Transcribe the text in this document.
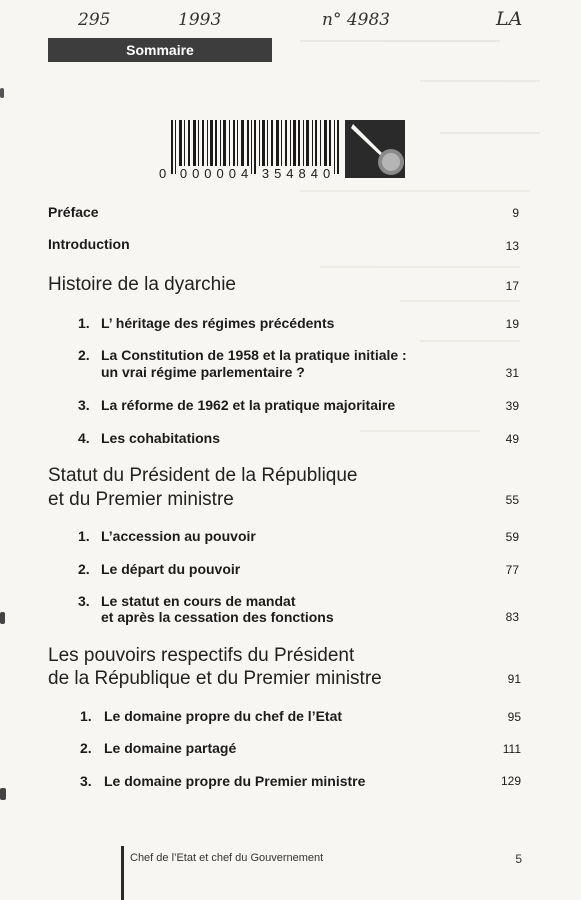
295	1993	n° 4983	LA
Sommaire
0 000004 354840
Préface	9
Introduction	13
Histoire de la dyarchie	17
1. L’ héritage des régimes précédents	19
2. La Constitution de 1958 et la pratique initiale :
un vrai régime parlementaire ?	31
3. La réforme de 1962 et la pratique majoritaire	39
4. Les cohabitations	49
Statut du Président de la République
et du Premier ministre	55
1. L’accession au pouvoir	59
2. Le départ du pouvoir	77
3. Le statut en cours de mandat
et après la cessation des fonctions	83
Les pouvoirs respectifs du Président
de la République et du Premier ministre	91
1. Le domaine propre du chef de l’Etat	95
2. Le domaine partagé	111
3. Le domaine propre du Premier ministre	129
Chef de l’Etat et chef du Gouvernement	5
